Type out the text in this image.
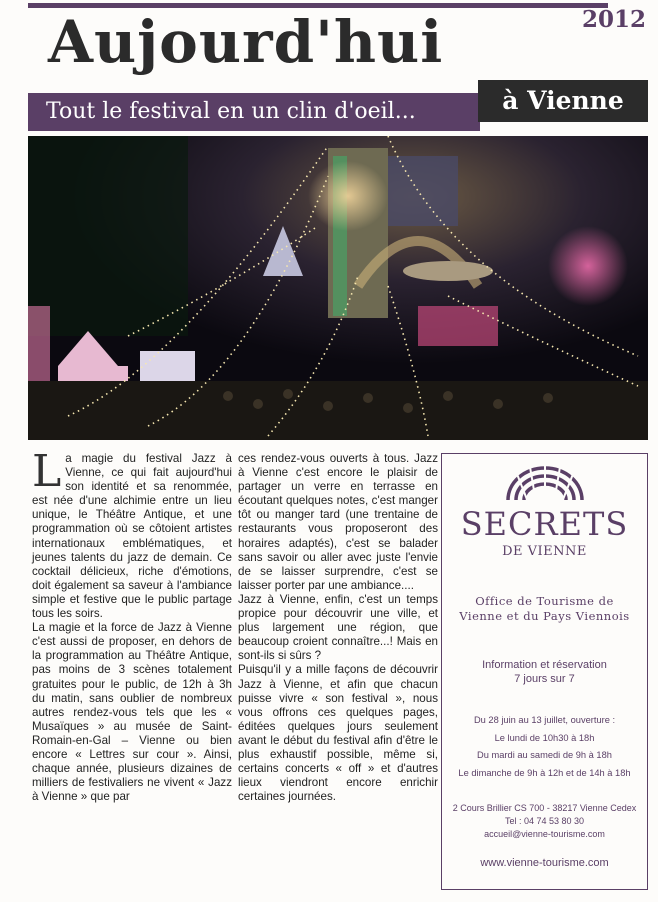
2012
Aujourd'hui
Tout le festival en un clin d'oeil...	à Vienne

La magie du festival Jazz à Vienne, ce qui fait aujourd'hui son identité et sa renommée, est née d'une alchimie entre un lieu unique, le Théâtre Antique, et une programmation où se côtoient artistes internationaux emblématiques, et jeunes talents du jazz de demain. Ce cocktail délicieux, riche d'émotions, doit également sa saveur à l'ambiance simple et festive que le public partage tous les soirs.

La magie et la force de Jazz à Vienne c'est aussi de proposer, en dehors de la programmation au Théâtre Antique, pas moins de 3 scènes totalement gratuites pour le public, de 12h à 3h du matin, sans oublier de nombreux autres rendez-vous tels que les « Musaïques » au musée de Saint-Romain-en-Gal – Vienne ou bien encore « Lettres sur cour ». Ainsi, chaque année, plusieurs dizaines de milliers de festivaliers ne vivent « Jazz à Vienne » que par

ces rendez-vous ouverts à tous. Jazz à Vienne c'est encore le plaisir de partager un verre en terrasse en écoutant quelques notes, c'est manger tôt ou manger tard (une trentaine de restaurants vous proposeront des horaires adaptés), c'est se balader sans savoir ou aller avec juste l'envie de se laisser surprendre, c'est se laisser porter par une ambiance....

Jazz à Vienne, enfin, c'est un temps propice pour découvrir une ville, et plus largement une région, que beaucoup croient connaître...! Mais en sont-ils si sûrs ?

Puisqu'il y a mille façons de découvrir Jazz à Vienne, et afin que chacun puisse vivre « son festival », nous vous offrons ces quelques pages, éditées quelques jours seulement avant le début du festival afin d'être le plus exhaustif possible, même si, certains concerts « off » et d'autres lieux viendront encore enrichir certaines journées.

SECRETS
DE VIENNE
Office de Tourisme de
Vienne et du Pays Viennois
Information et réservation
7 jours sur 7
Du 28 juin au 13 juillet, ouverture :
Le lundi de 10h30 à 18h
Du mardi au samedi de 9h à 18h
Le dimanche de 9h à 12h et de 14h à 18h
2 Cours Brillier CS 700 - 38217 Vienne Cedex
Tel : 04 74 53 80 30
accueil@vienne-tourisme.com
www.vienne-tourisme.com
